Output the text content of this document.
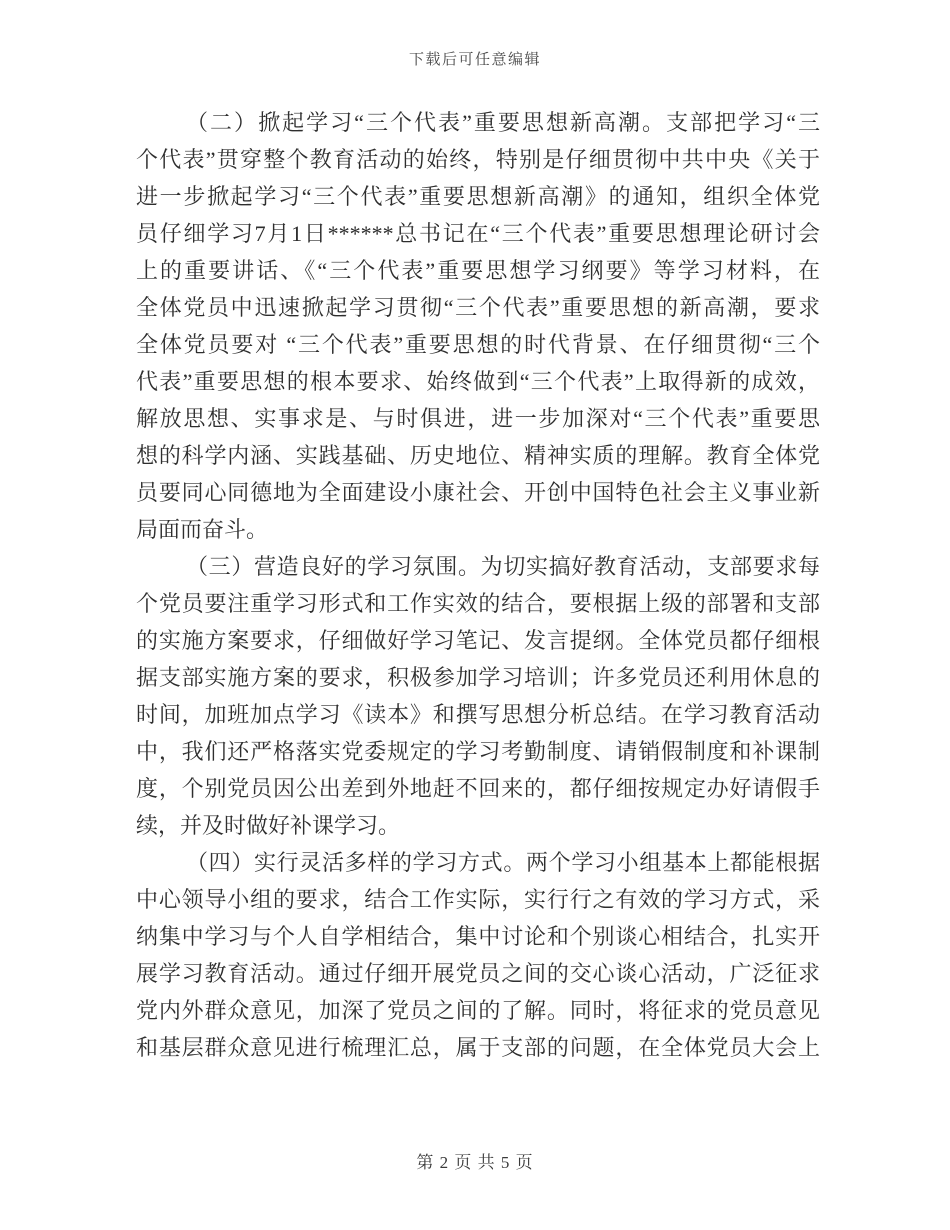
下载后可任意编辑
（二）掀起学习“三个代表”重要思想新高潮。支部把学习“三
个代表”贯穿整个教育活动的始终，特别是仔细贯彻中共中央《关于
进一步掀起学习“三个代表”重要思想新高潮》的通知，组织全体党
员仔细学习7月1日******总书记在“三个代表”重要思想理论研讨会
上的重要讲话、《“三个代表”重要思想学习纲要》等学习材料，在
全体党员中迅速掀起学习贯彻“三个代表”重要思想的新高潮，要求
全体党员要对 “三个代表”重要思想的时代背景、在仔细贯彻“三个
代表”重要思想的根本要求、始终做到“三个代表”上取得新的成效，
解放思想、实事求是、与时俱进，进一步加深对“三个代表”重要思
想的科学内涵、实践基础、历史地位、精神实质的理解。教育全体党
员要同心同德地为全面建设小康社会、开创中国特色社会主义事业新
局面而奋斗。
（三）营造良好的学习氛围。为切实搞好教育活动，支部要求每
个党员要注重学习形式和工作实效的结合，要根据上级的部署和支部
的实施方案要求，仔细做好学习笔记、发言提纲。全体党员都仔细根
据支部实施方案的要求，积极参加学习培训；许多党员还利用休息的
时间，加班加点学习《读本》和撰写思想分析总结。在学习教育活动
中，我们还严格落实党委规定的学习考勤制度、请销假制度和补课制
度，个别党员因公出差到外地赶不回来的，都仔细按规定办好请假手
续，并及时做好补课学习。
（四）实行灵活多样的学习方式。两个学习小组基本上都能根据
中心领导小组的要求，结合工作实际，实行行之有效的学习方式，采
纳集中学习与个人自学相结合，集中讨论和个别谈心相结合，扎实开
展学习教育活动。通过仔细开展党员之间的交心谈心活动，广泛征求
党内外群众意见，加深了党员之间的了解。同时，将征求的党员意见
和基层群众意见进行梳理汇总，属于支部的问题，在全体党员大会上
第 2 页 共 5 页
